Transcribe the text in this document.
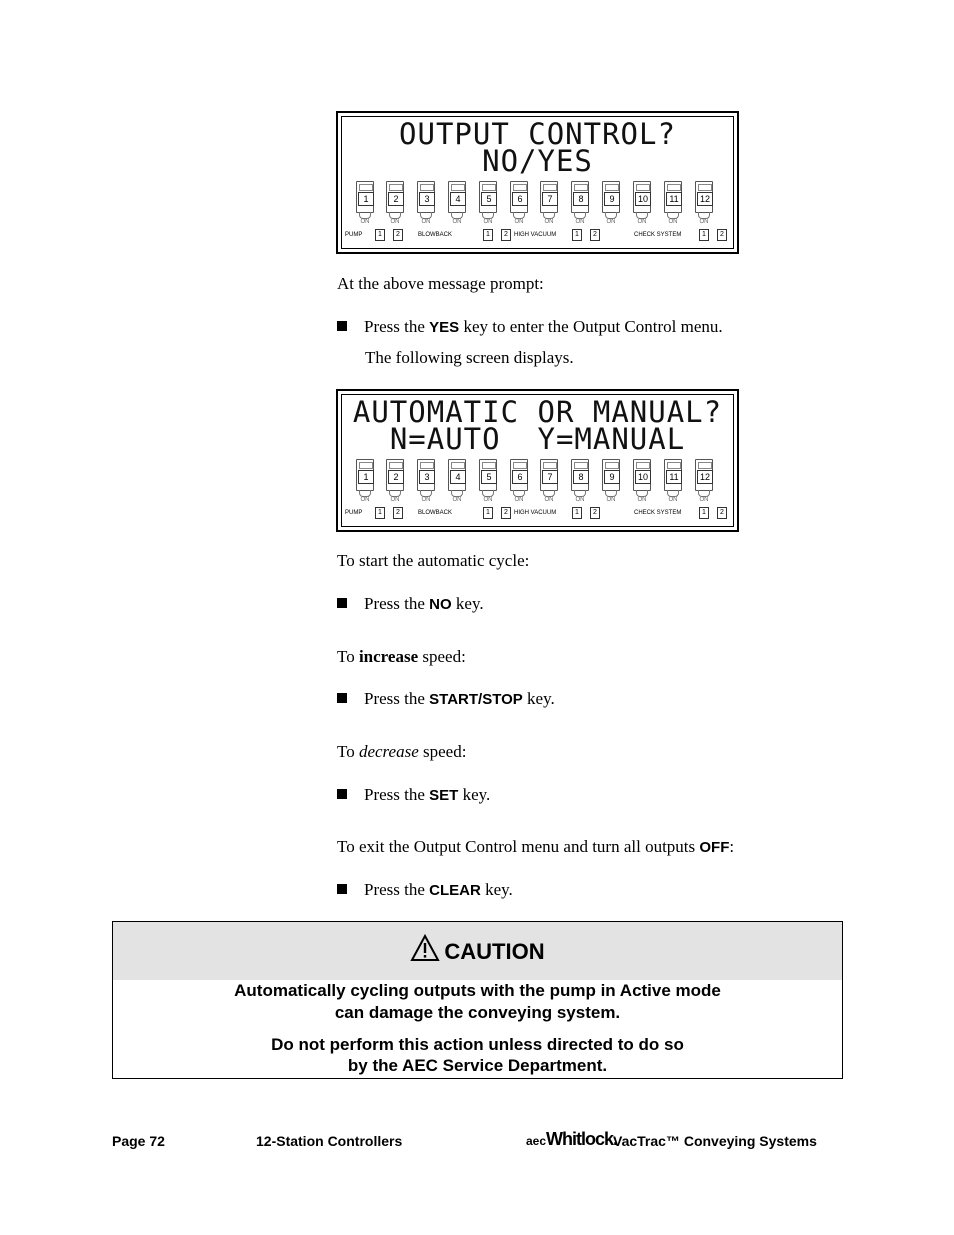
OUTPUT CONTROL?
NO/YES
1
ON
2
ON
3
ON
4
ON
5
ON
6
ON
7
ON
8
ON
9
ON
10
ON
11
ON
12
ON
PUMP	1	2	BLOWBACK	1	2	HIGH VACUUM	1	2	CHECK SYSTEM	1	2
At the above message prompt:
Press the YES key to enter the Output Control menu.
The following screen displays.
AUTOMATIC OR MANUAL?
N=AUTO  Y=MANUAL
1
ON
2
ON
3
ON
4
ON
5
ON
6
ON
7
ON
8
ON
9
ON
10
ON
11
ON
12
ON
PUMP	1	2	BLOWBACK	1	2	HIGH VACUUM	1	2	CHECK SYSTEM	1	2
To start the automatic cycle:
Press the NO key.
To increase speed:
Press the START/STOP key.
To decrease speed:
Press the SET key.
To exit the Output Control menu and turn all outputs OFF:
Press the CLEAR key.
CAUTION
Automatically cycling outputs with the pump in Active mode
can damage the conveying system.
Do not perform this action unless directed to do so
by the AEC Service Department.
Page 72	12-Station Controllers	aecWhitlock.
VacTrac™ Conveying Systems
